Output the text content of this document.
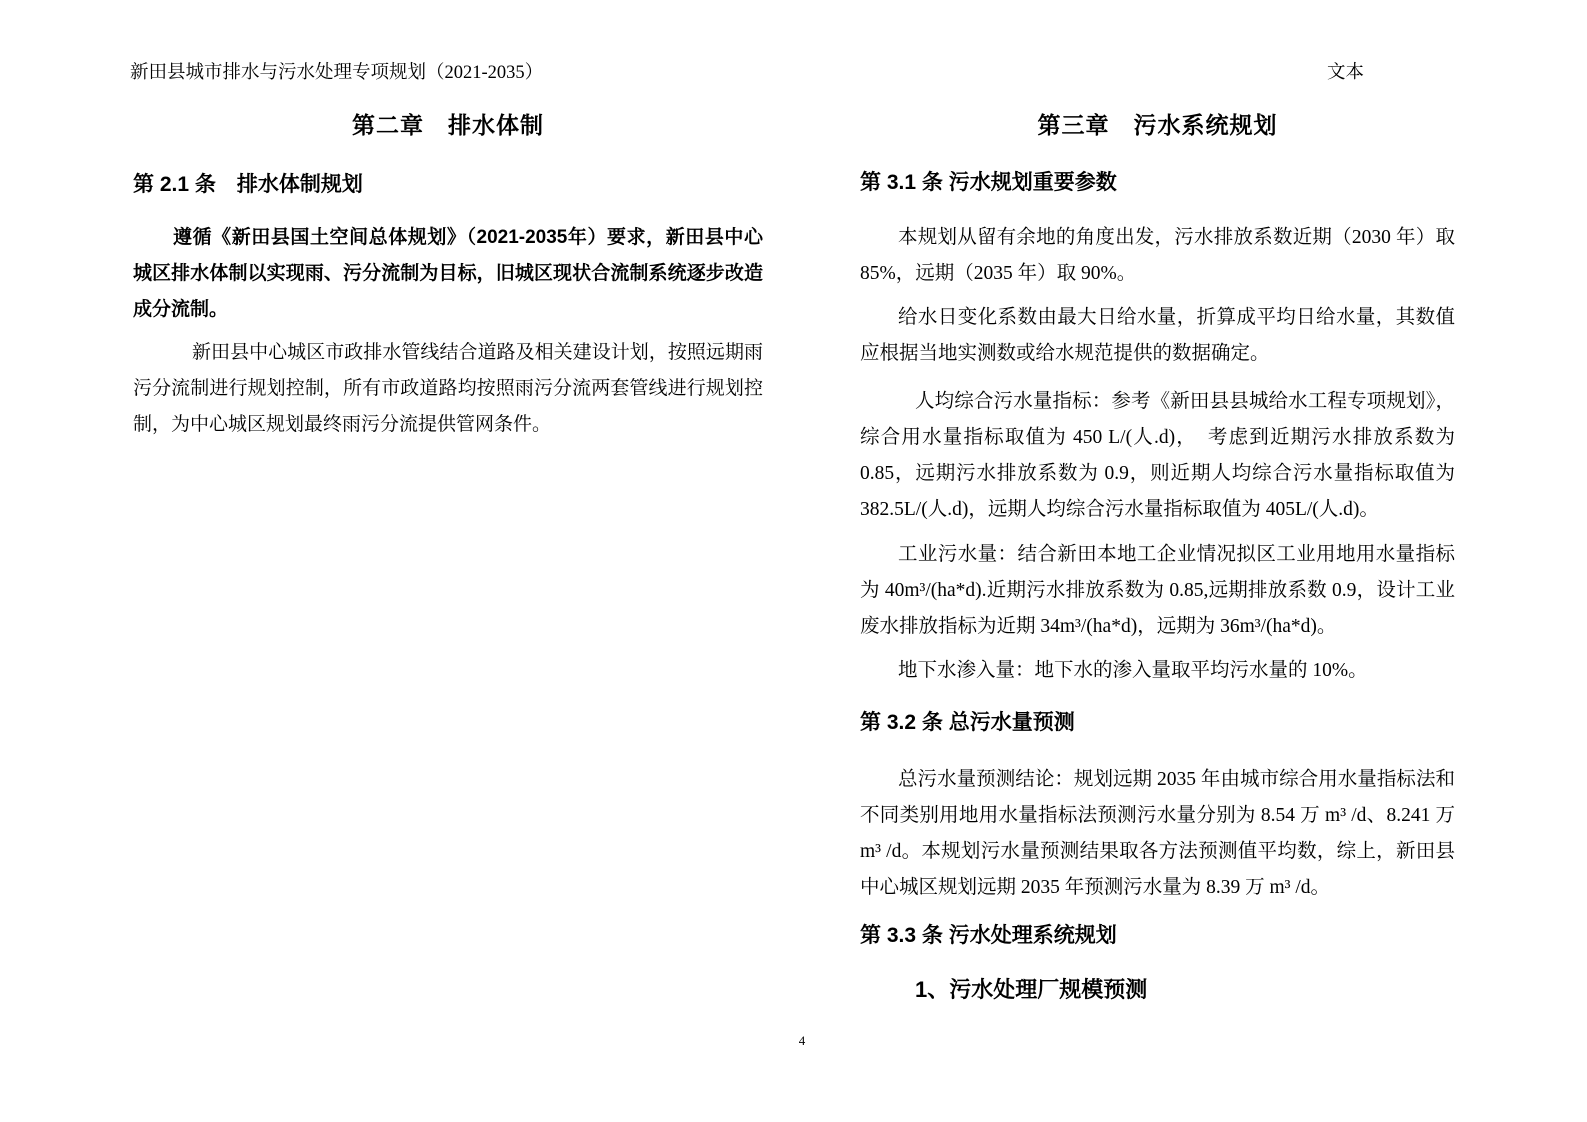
新田县城市排水与污水处理专项规划（2021-2035）
第二章　排水体制
第 2.1 条　排水体制规划
遵循《新田县国土空间总体规划》（2021-2035年）要求，新田县中心城区排水体制以实现雨、污分流制为目标，旧城区现状合流制系统逐步改造成分流制。
新田县中心城区市政排水管线结合道路及相关建设计划，按照远期雨污分流制进行规划控制，所有市政道路均按照雨污分流两套管线进行规划控制，为中心城区规划最终雨污分流提供管网条件。
文本
第三章　污水系统规划
第 3.1 条 污水规划重要参数
本规划从留有余地的角度出发，污水排放系数近期（2030 年）取 85%，远期（2035 年）取 90%。
给水日变化系数由最大日给水量，折算成平均日给水量，其数值应根据当地实测数或给水规范提供的数据确定。
人均综合污水量指标：参考《新田县县城给水工程专项规划》，综合用水量指标取值为 450 L/(人.d)，　考虑到近期污水排放系数为 0.85，远期污水排放系数为 0.9，则近期人均综合污水量指标取值为 382.5L/(人.d)，远期人均综合污水量指标取值为 405L/(人.d)。
工业污水量：结合新田本地工企业情况拟区工业用地用水量指标为 40m³/(ha*d).近期污水排放系数为 0.85,远期排放系数 0.9，设计工业废水排放指标为近期 34m³/(ha*d)，远期为 36m³/(ha*d)。
地下水渗入量：地下水的渗入量取平均污水量的 10%。
第 3.2 条 总污水量预测
总污水量预测结论：规划远期 2035 年由城市综合用水量指标法和不同类别用地用水量指标法预测污水量分别为 8.54 万 m³ /d、8.241 万 m³ /d。本规划污水量预测结果取各方法预测值平均数，综上，新田县中心城区规划远期 2035 年预测污水量为 8.39 万 m³ /d。
第 3.3 条 污水处理系统规划
1、污水处理厂规模预测
4
